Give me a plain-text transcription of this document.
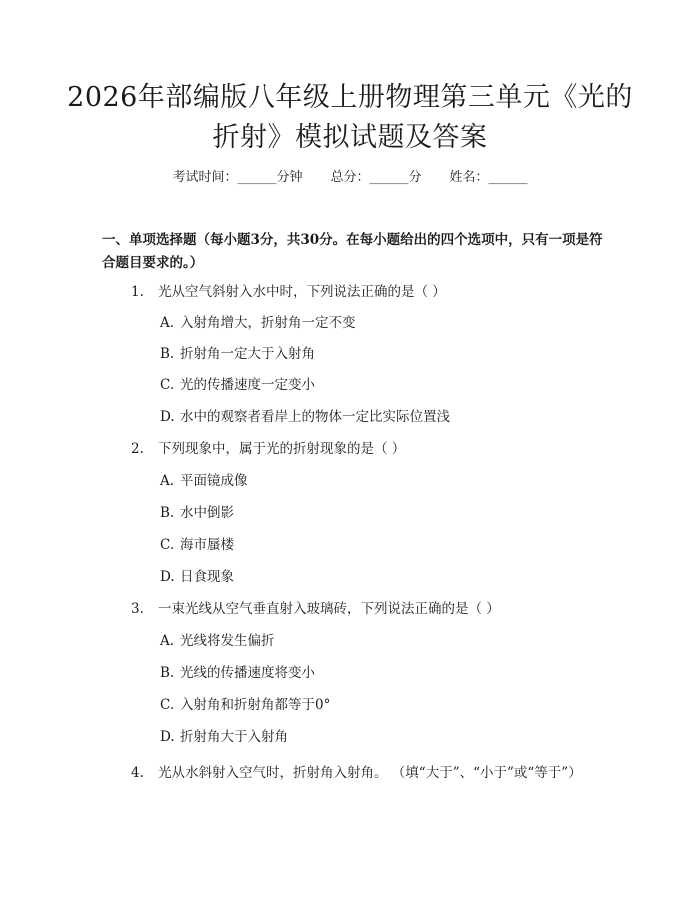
2026年部编版八年级上册物理第三单元《光的折射》模拟试题及答案
考试时间：______分钟 总分：______分 姓名：______

一、单项选择题（每小题3分，共30分。在每小题给出的四个选项中，只有一项是符合题目要求的。）

1. 光从空气斜射入水中时，下列说法正确的是（ ）
A. 入射角增大，折射角一定不变
B. 折射角一定大于入射角
C. 光的传播速度一定变小
D. 水中的观察者看岸上的物体一定比实际位置浅
2. 下列现象中，属于光的折射现象的是（ ）
A. 平面镜成像
B. 水中倒影
C. 海市蜃楼
D. 日食现象
3. 一束光线从空气垂直射入玻璃砖，下列说法正确的是（ ）
A. 光线将发生偏折
B. 光线的传播速度将变小
C. 入射角和折射角都等于0°
D. 折射角大于入射角
4. 光从水斜射入空气时，折射角入射角。 （填“大于”、“小于”或“等于”）
